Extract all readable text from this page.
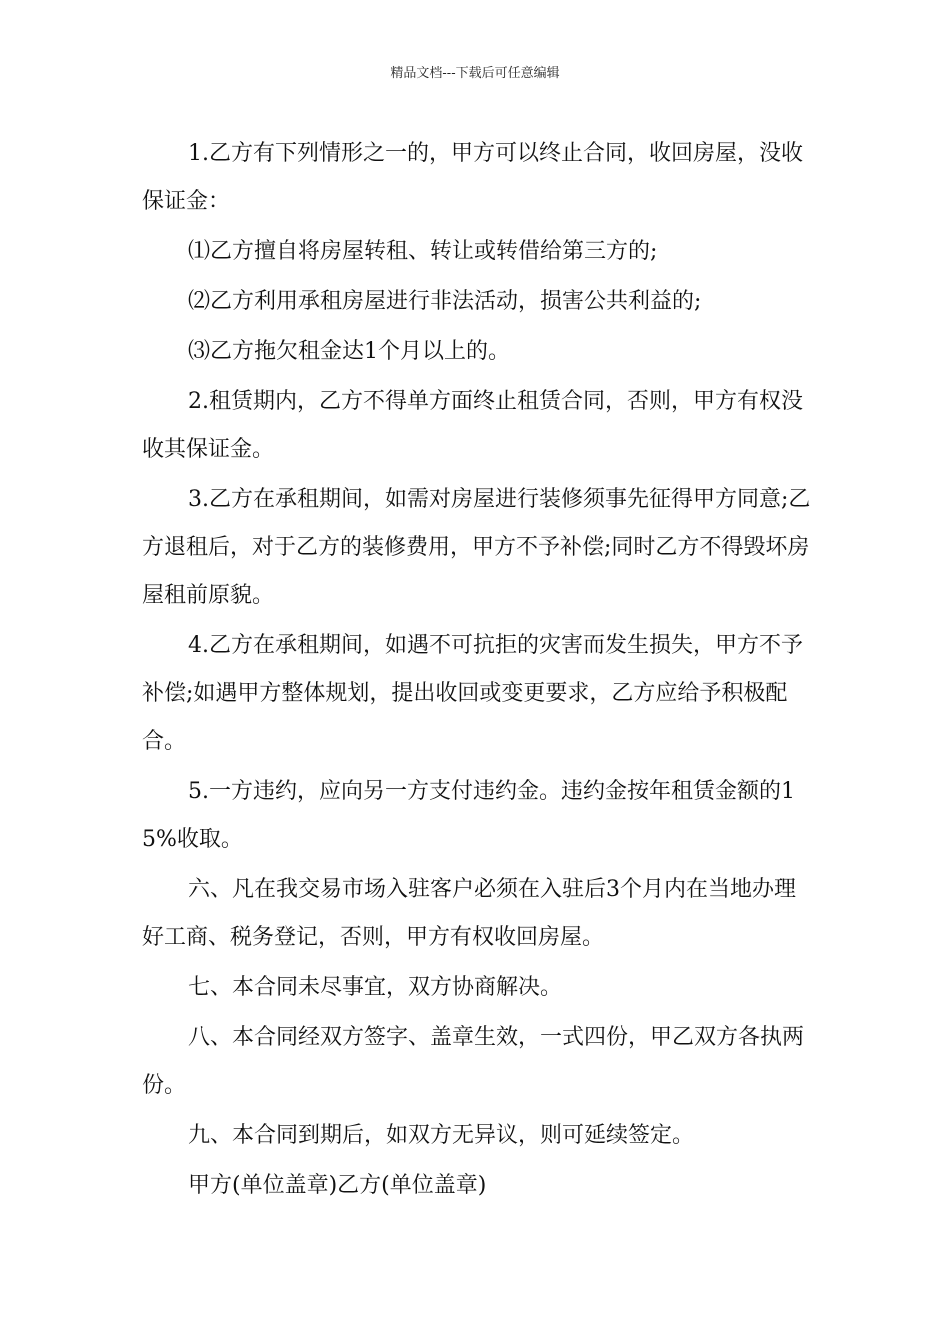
精品文档---下载后可任意编辑

1.乙方有下列情形之一的，甲方可以终止合同，收回房屋，没收保证金：

⑴乙方擅自将房屋转租、转让或转借给第三方的;

⑵乙方利用承租房屋进行非法活动，损害公共利益的;

⑶乙方拖欠租金达1个月以上的。

2.租赁期内，乙方不得单方面终止租赁合同，否则，甲方有权没收其保证金。

3.乙方在承租期间，如需对房屋进行装修须事先征得甲方同意;乙方退租后，对于乙方的装修费用，甲方不予补偿;同时乙方不得毁坏房屋租前原貌。

4.乙方在承租期间，如遇不可抗拒的灾害而发生损失，甲方不予补偿;如遇甲方整体规划，提出收回或变更要求，乙方应给予积极配合。

5.一方违约，应向另一方支付违约金。违约金按年租赁金额的15%收取。

六、凡在我交易市场入驻客户必须在入驻后3个月内在当地办理好工商、税务登记，否则，甲方有权收回房屋。

七、本合同未尽事宜，双方协商解决。

八、本合同经双方签字、盖章生效，一式四份，甲乙双方各执两份。

九、本合同到期后，如双方无异议，则可延续签定。

甲方(单位盖章)乙方(单位盖章)
